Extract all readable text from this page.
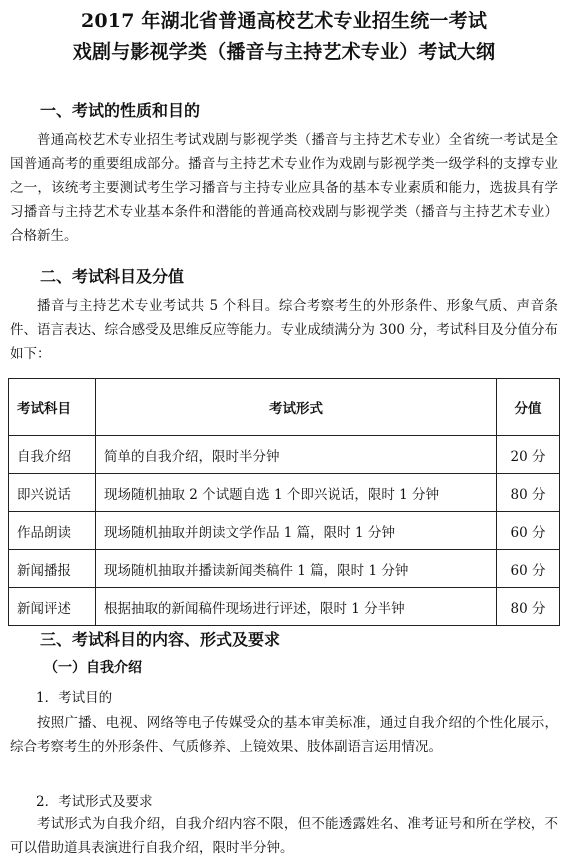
2017 年湖北省普通高校艺术专业招生统一考试
戏剧与影视学类（播音与主持艺术专业）考试大纲
一、考试的性质和目的
普通高校艺术专业招生考试戏剧与影视学类（播音与主持艺术专业）全省统一考试是全国普通高考的重要组成部分。播音与主持艺术专业作为戏剧与影视学类一级学科的支撑专业之一，该统考主要测试考生学习播音与主持专业应具备的基本专业素质和能力，选拔具有学习播音与主持艺术专业基本条件和潜能的普通高校戏剧与影视学类（播音与主持艺术专业）合格新生。
二、考试科目及分值
播音与主持艺术专业考试共 5 个科目。综合考察考生的外形条件、形象气质、声音条件、语言表达、综合感受及思维反应等能力。专业成绩满分为 300 分，考试科目及分值分布如下：
考试科目	考试形式	分值
自我介绍	简单的自我介绍，限时半分钟	20 分
即兴说话	现场随机抽取 2 个试题自选 1 个即兴说话，限时 1 分钟	80 分
作品朗读	现场随机抽取并朗读文学作品 1 篇，限时 1 分钟	60 分
新闻播报	现场随机抽取并播读新闻类稿件 1 篇，限时 1 分钟	60 分
新闻评述	根据抽取的新闻稿件现场进行评述，限时 1 分半钟	80 分
三、考试科目的内容、形式及要求
（一）自我介绍
1．考试目的
按照广播、电视、网络等电子传媒受众的基本审美标准，通过自我介绍的个性化展示，综合考察考生的外形条件、气质修养、上镜效果、肢体副语言运用情况。
2．考试形式及要求
考试形式为自我介绍，自我介绍内容不限，但不能透露姓名、准考证号和所在学校，不可以借助道具表演进行自我介绍，限时半分钟。
